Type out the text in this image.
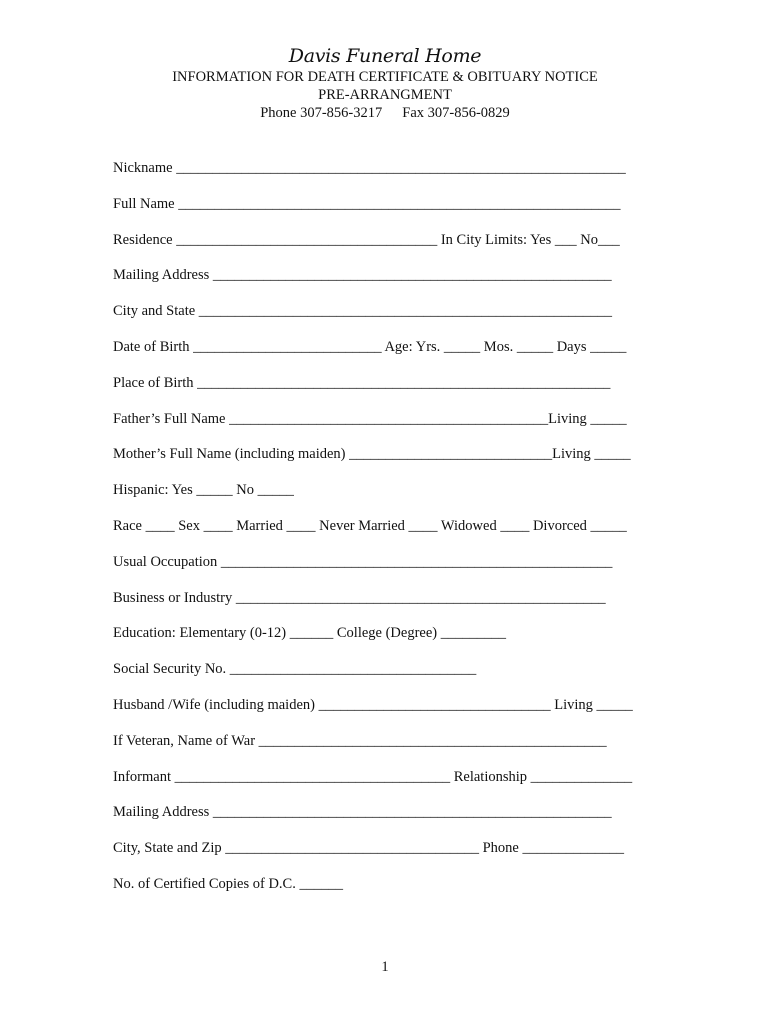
Davis Funeral Home
INFORMATION FOR DEATH CERTIFICATE & OBITUARY NOTICE
PRE-ARRANGMENT
Phone 307-856-3217 Fax 307-856-0829
Nickname ______________________________________________________________
Full Name _____________________________________________________________
Residence ____________________________________ In City Limits: Yes ___ No___
Mailing Address _______________________________________________________
City and State _________________________________________________________
Date of Birth __________________________ Age: Yrs. _____ Mos. _____ Days _____
Place of Birth _________________________________________________________
Father’s Full Name ____________________________________________Living _____
Mother’s Full Name (including maiden) ____________________________Living _____
Hispanic: Yes _____ No _____
Race ____ Sex ____ Married ____ Never Married ____ Widowed ____ Divorced _____
Usual Occupation ______________________________________________________
Business or Industry ___________________________________________________
Education: Elementary (0-12) ______ College (Degree) _________
Social Security No. __________________________________
Husband /Wife (including maiden) ________________________________ Living _____
If Veteran, Name of War ________________________________________________
Informant ______________________________________ Relationship ______________
Mailing Address _______________________________________________________
City, State and Zip ___________________________________ Phone ______________
No. of Certified Copies of D.C. ______
1
